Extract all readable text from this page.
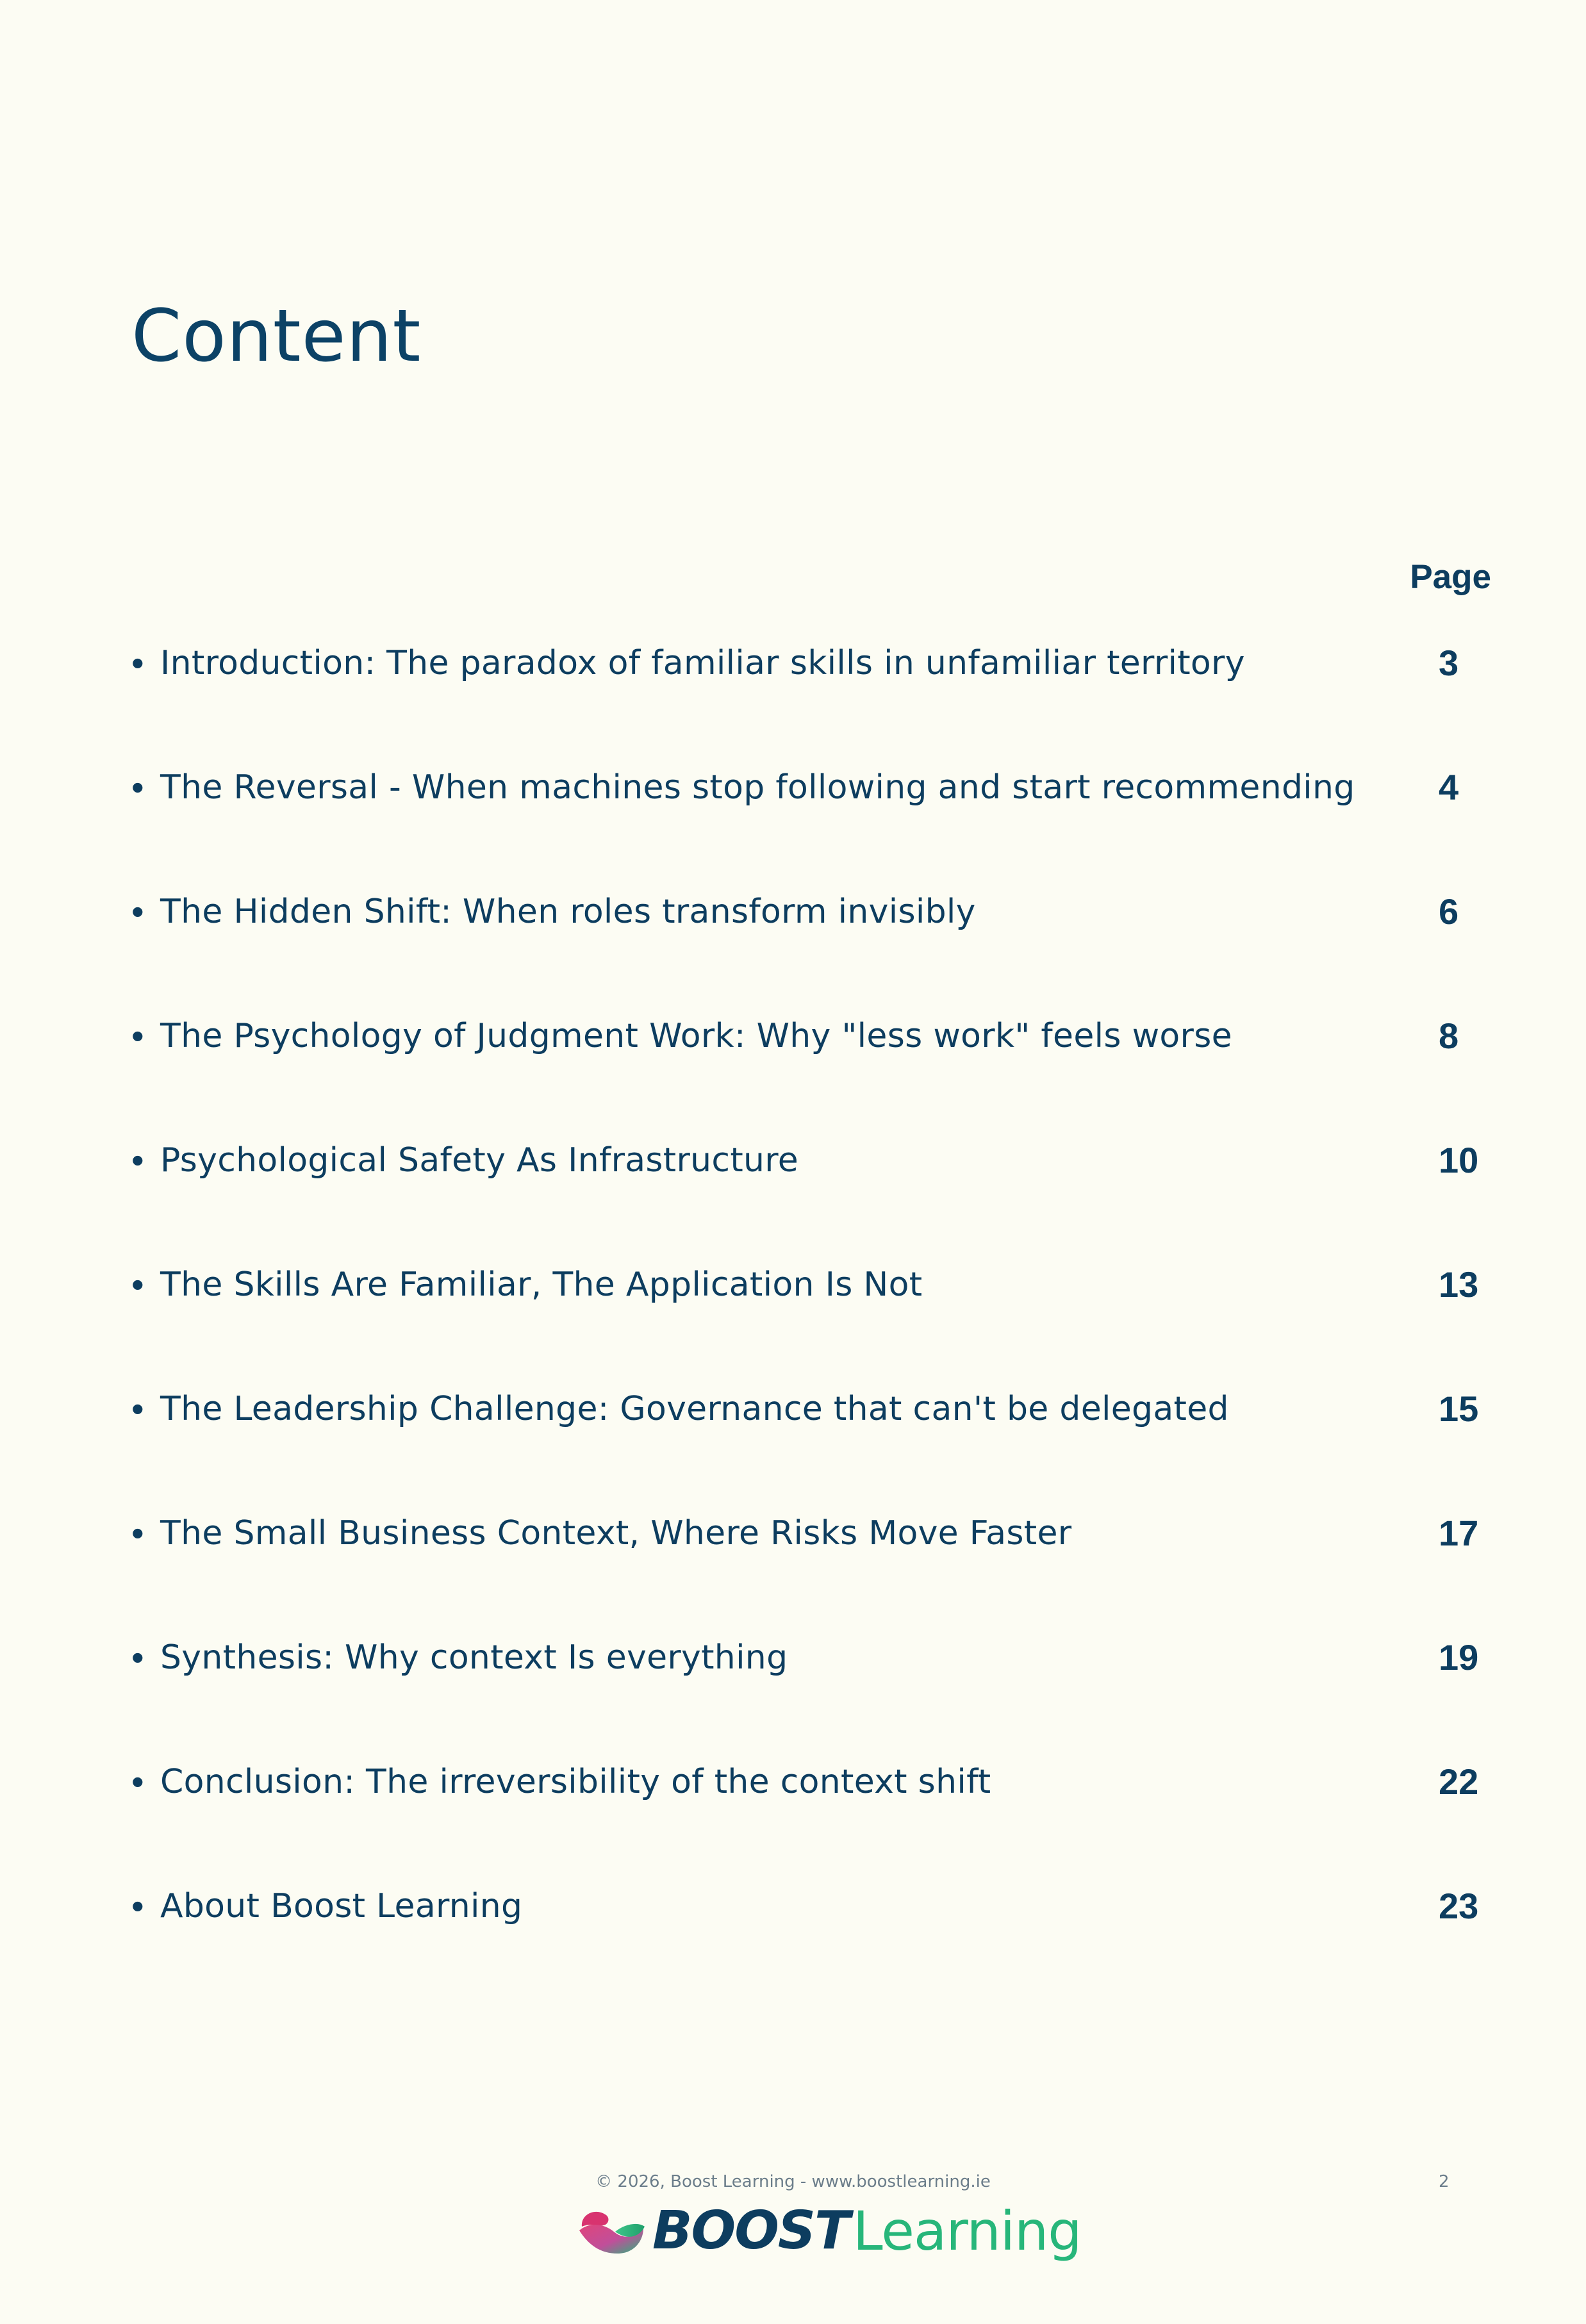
Content
Page
• Introduction: The paradox of familiar skills in unfamiliar territory	3
• The Reversal - When machines stop following and start recommending 4
• The Hidden Shift: When roles transform invisibly	6
• The Psychology of Judgment Work: Why "less work" feels worse	8
• Psychological Safety As Infrastructure	10
• The Skills Are Familiar, The Application Is Not	13
• The Leadership Challenge: Governance that can't be delegated	15
• The Small Business Context, Where Risks Move Faster	17
• Synthesis: Why context Is everything	19
• Conclusion: The irreversibility of the context shift	22
• About Boost Learning	23
© 2026, Boost Learning - www.boostlearning.ie	2
BOOST Learning
